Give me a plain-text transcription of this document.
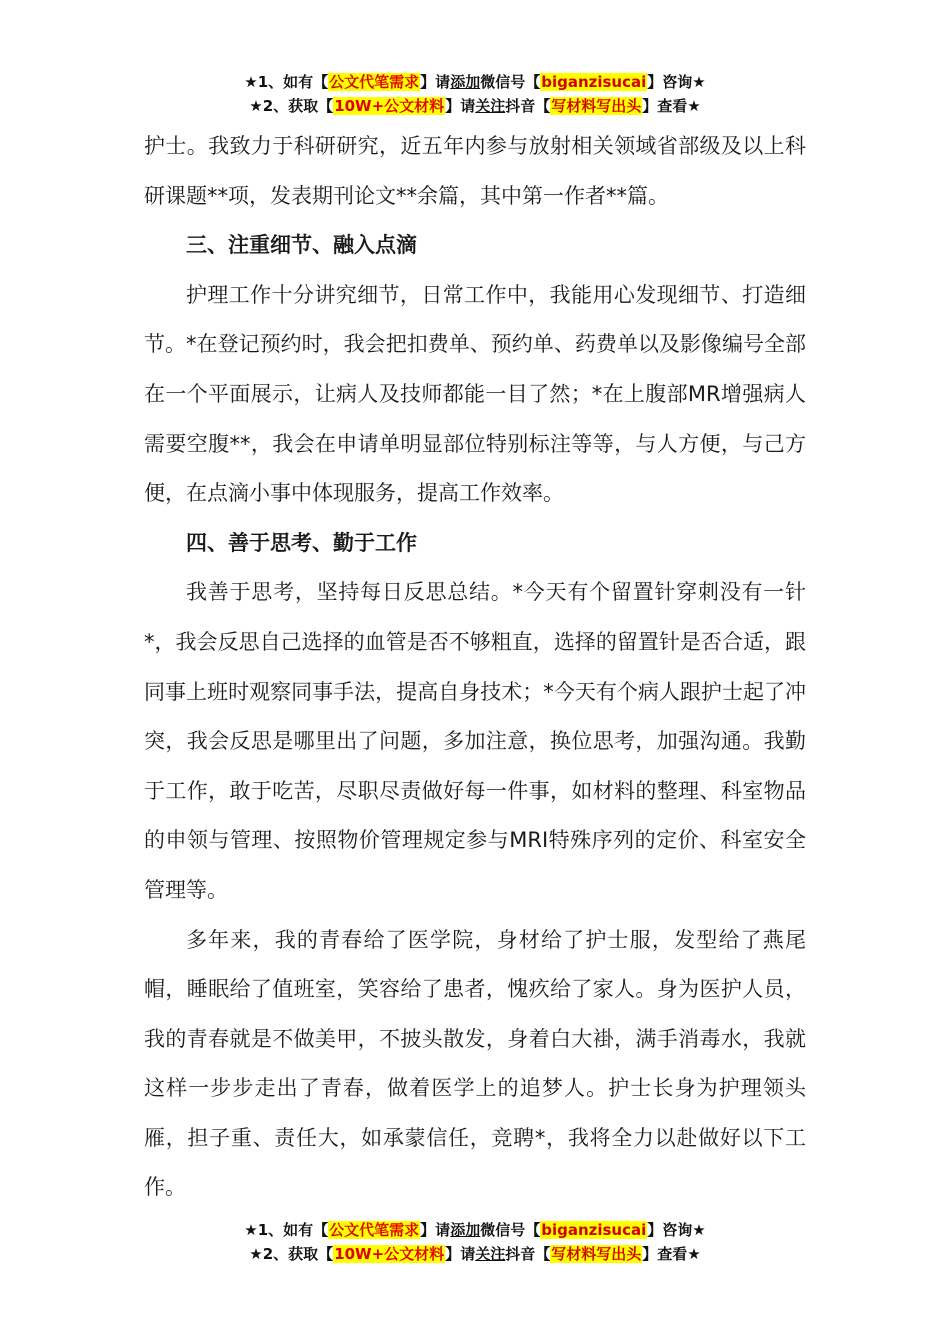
★1、如有【公文代笔需求】请添加微信号【biganzisucai】咨询★
★2、获取【10W+公文材料】请关注抖音【写材料写出头】查看★

护士。我致力于科研研究，近五年内参与放射相关领域省部级及以上科研课题**项，发表期刊论文**余篇，其中第一作者**篇。

三、注重细节、融入点滴

护理工作十分讲究细节，日常工作中，我能用心发现细节、打造细节。*在登记预约时，我会把扣费单、预约单、药费单以及影像编号全部在一个平面展示，让病人及技师都能一目了然；*在上腹部MR增强病人需要空腹**，我会在申请单明显部位特别标注等等，与人方便，与己方便，在点滴小事中体现服务，提高工作效率。

四、善于思考、勤于工作

我善于思考，坚持每日反思总结。*今天有个留置针穿刺没有一针*，我会反思自己选择的血管是否不够粗直，选择的留置针是否合适，跟同事上班时观察同事手法，提高自身技术；*今天有个病人跟护士起了冲突，我会反思是哪里出了问题，多加注意，换位思考，加强沟通。我勤于工作，敢于吃苦，尽职尽责做好每一件事，如材料的整理、科室物品的申领与管理、按照物价管理规定参与MRI特殊序列的定价、科室安全管理等。

多年来，我的青春给了医学院，身材给了护士服，发型给了燕尾帽，睡眠给了值班室，笑容给了患者，愧疚给了家人。身为医护人员，我的青春就是不做美甲，不披头散发，身着白大褂，满手消毒水，我就这样一步步走出了青春，做着医学上的追梦人。护士长身为护理领头雁，担子重、责任大，如承蒙信任，竞聘*，我将全力以赴做好以下工作。

★1、如有【公文代笔需求】请添加微信号【biganzisucai】咨询★
★2、获取【10W+公文材料】请关注抖音【写材料写出头】查看★
